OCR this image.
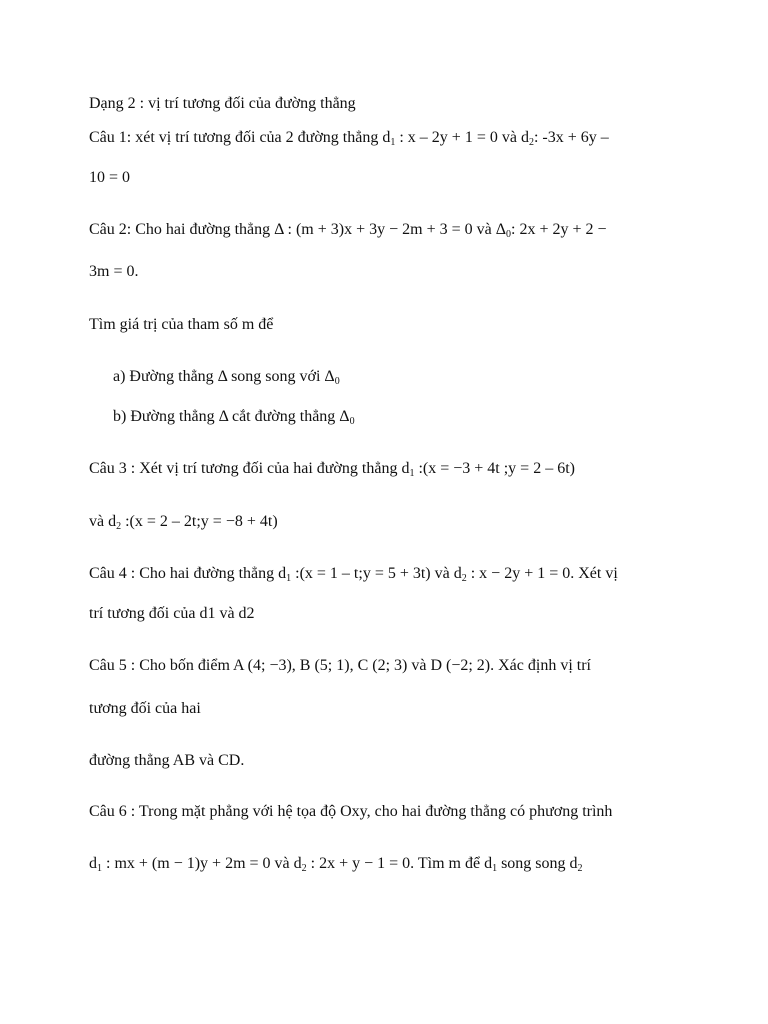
Dạng 2 : vị trí tương đối của đường thẳng
Câu 1: xét vị trí tương đối của 2 đường thẳng $d_1$ : x – 2y + 1 = 0 và $d_2$: -3x + 6y –
10 = 0
Câu 2: Cho hai đường thẳng Δ : (m + 3)x + 3y − 2m + 3 = 0 và $\Delta_0$: 2x + 2y + 2 −
3m = 0.
Tìm giá trị của tham số m để
a) Đường thẳng Δ song song với $\Delta_0$
b) Đường thẳng Δ cắt đường thẳng $\Delta_0$
Câu 3 : Xét vị trí tương đối của hai đường thẳng $d_1$ :(x = −3 + 4t ;y = 2 – 6t)
và $d_2$ :(x = 2 – 2t;y = −8 + 4t)
Câu 4 : Cho hai đường thẳng $d_1$ :(x = 1 – t;y = 5 + 3t) và $d_2$ : x − 2y + 1 = 0. Xét vị
trí tương đối của d1 và d2
Câu 5 : Cho bốn điểm A (4; −3), B (5; 1), C (2; 3) và D (−2; 2). Xác định vị trí
tương đối của hai
đường thẳng AB và CD.
Câu 6 : Trong mặt phẳng với hệ tọa độ Oxy, cho hai đường thẳng có phương trình
$d_1$ : mx + (m − 1)y + 2m = 0 và $d_2$ : 2x + y − 1 = 0. Tìm m để $d_1$ song song $d_2$
